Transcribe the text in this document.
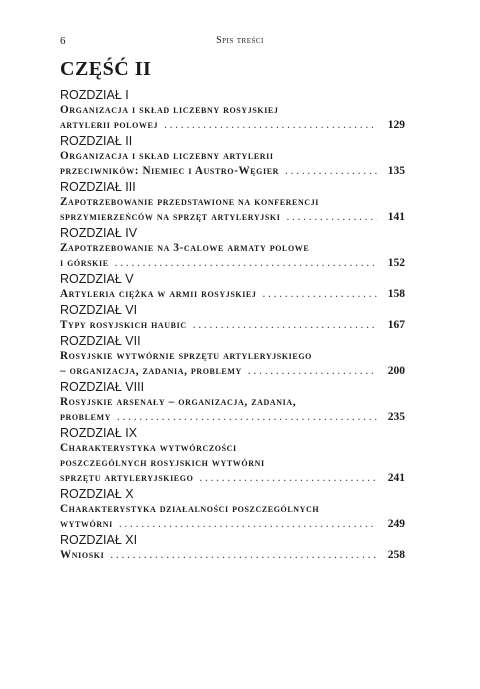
6	Spis treści
CZĘŚĆ II
ROZDZIAŁ I
Organizacja i skład liczebny rosyjskiej
artylerii polowej . . .	129
ROZDZIAŁ II
Organizacja i skład liczebny artylerii
przeciwników: Niemiec i Austro-Węgier . . .	135
ROZDZIAŁ III
Zapotrzebowanie przedstawione na konferencji
sprzymierzeńców na sprzęt artyleryjski . . .	141
ROZDZIAŁ IV
Zapotrzebowanie na 3-calowe armaty polowe
i górskie . . .	152
ROZDZIAŁ V
Artyleria ciężka w armii rosyjskiej . . .	158
ROZDZIAŁ VI
Typy rosyjskich haubic . . .	167
ROZDZIAŁ VII
Rosyjskie wytwórnie sprzętu artyleryjskiego
– organizacja, zadania, problemy . . .	200
ROZDZIAŁ VIII
Rosyjskie arsenały – organizacja, zadania,
problemy . . .	235
ROZDZIAŁ IX
Charakterystyka wytwórczości
poszczególnych rosyjskich wytwórni
sprzętu artyleryjskiego . . .	241
ROZDZIAŁ X
Charakterystyka działalności poszczególnych
wytwórni . . .	249
ROZDZIAŁ XI
Wnioski . . .	258
